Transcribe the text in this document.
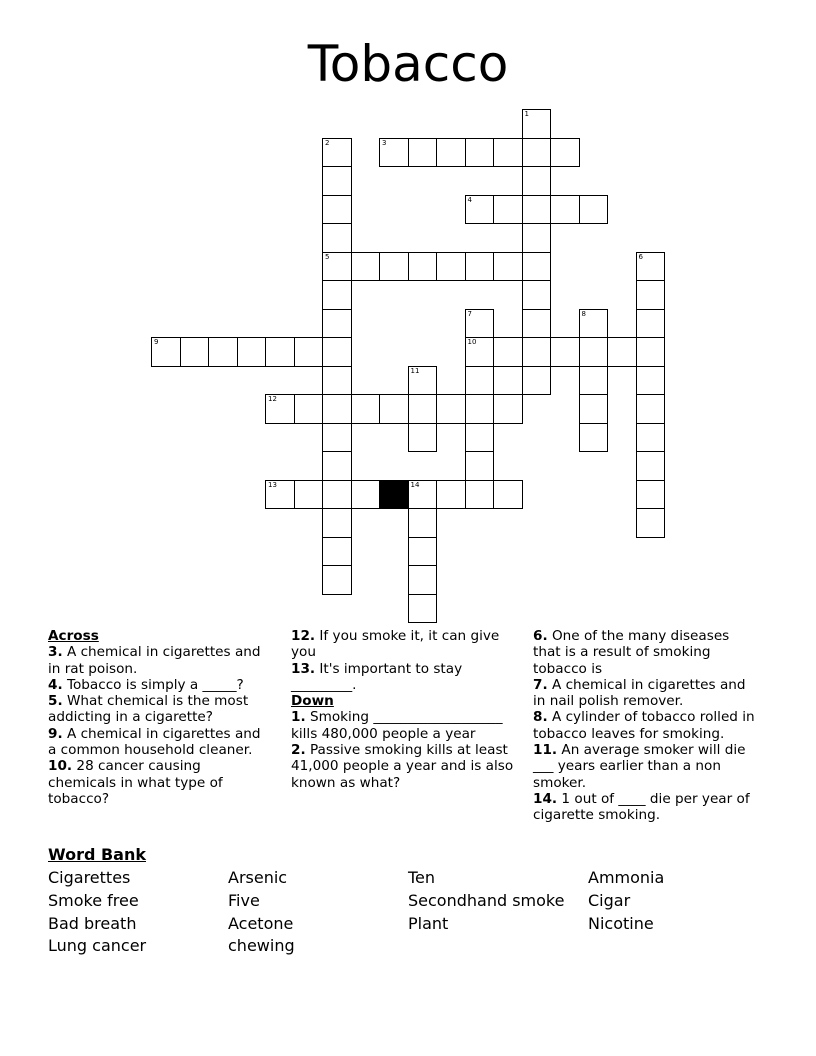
Tobacco
1
2
5
3
4
6
7
10
8
9
11
12
13	14
Across
3. A chemical in cigarettes and in rat poison.
4. Tobacco is simply a _____?
5. What chemical is the most addicting in a cigarette?
9. A chemical in cigarettes and a common household cleaner.
10. 28 cancer causing chemicals in what type of tobacco?
12. If you smoke it, it can give you
13. It's important to stay _________.
Down
1. Smoking ___________________ kills 480,000 people a year
2. Passive smoking kills at least 41,000 people a year and is also known as what?
6. One of the many diseases that is a result of smoking tobacco is
7. A chemical in cigarettes and in nail polish remover.
8. A cylinder of tobacco rolled in tobacco leaves for smoking.
11. An average smoker will die ___ years earlier than a non smoker.
14. 1 out of ____ die per year of cigarette smoking.
Word Bank
Cigarettes
Smoke free
Bad breath
Lung cancer
Arsenic
Five
Acetone
chewing
Ten
Secondhand smoke
Plant
Ammonia
Cigar
Nicotine
